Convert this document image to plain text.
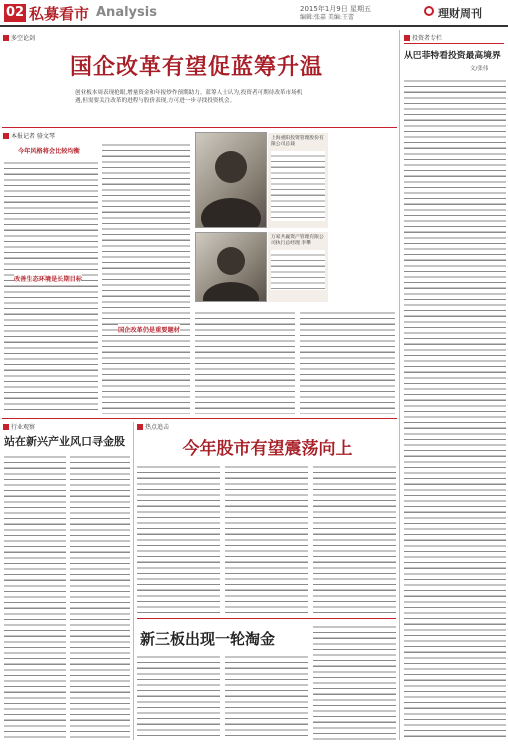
02 私募看市 Analysis	2015年1月9日 星期五
编辑:张嘉 美编:王蕾	理财周刊
多空论剑
国企改革有望促蓝筹升温
创业板本周表现抢眼,增量资金和年报炒作预期助力。蓝筹人士认为,投资者可期待改革市场机遇,但需要关注改革的进程与股价表现,方可进一步寻找投资机会。
本报记者 骆文琴
今年风格将会比较均衡
改善生态环境是长期目标
国企改革仍是重要题材
上海重阳投资管理股份有限公司总裁
万家共赢资产管理有限公司执行总经理 李攀
投资者专栏
从巴菲特看投资最高境界
文/张伟
行业观察
站在新兴产业风口寻金股
热点追击
今年股市有望震荡向上
新三板出现一轮淘金
